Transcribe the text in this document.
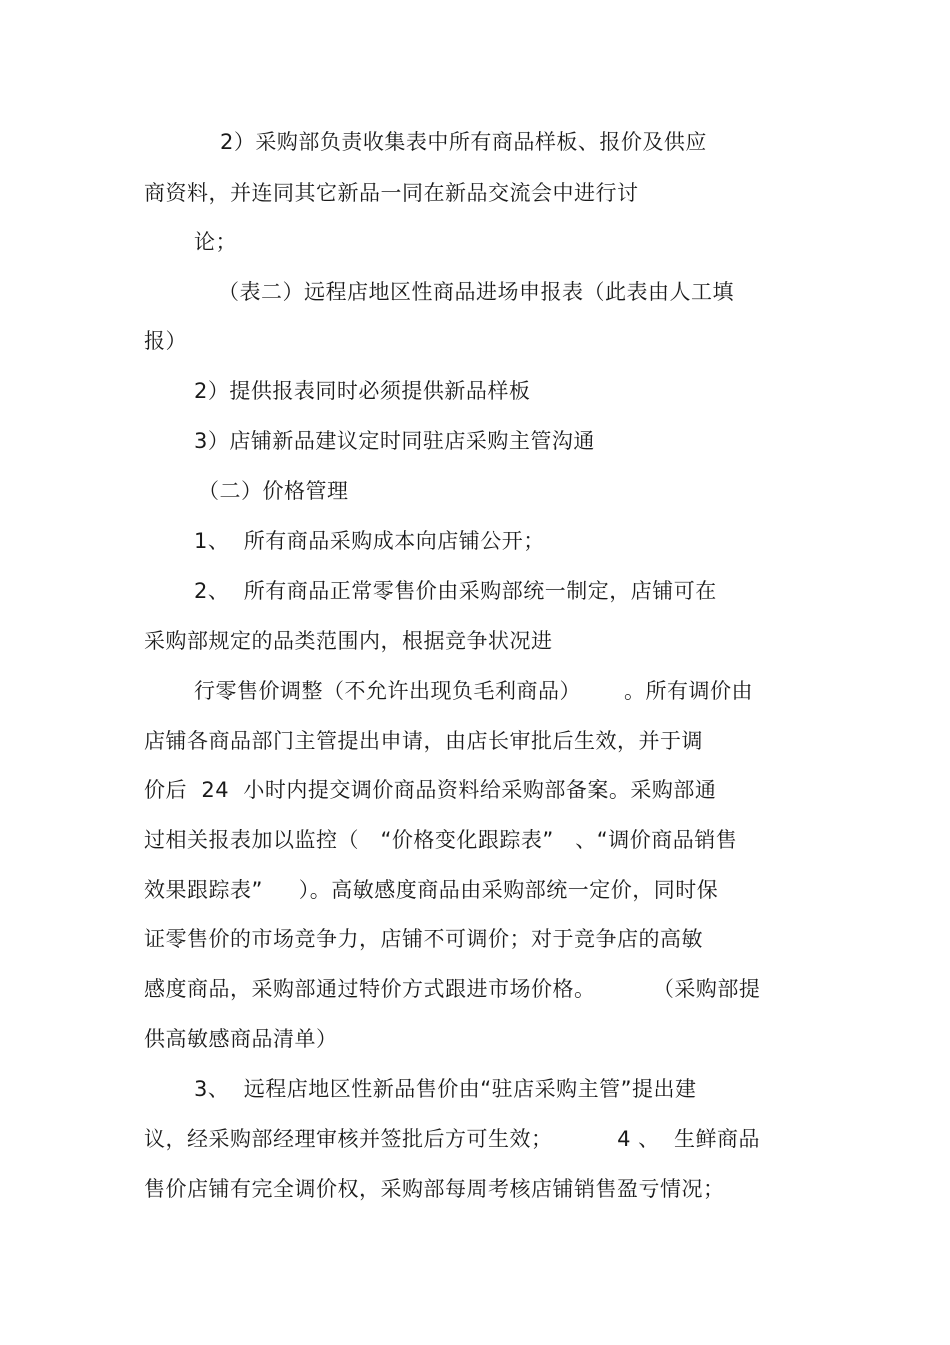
2）采购部负责收集表中所有商品样板、报价及供应
商资料，并连同其它新品一同在新品交流会中进行讨
论；
（表二）远程店地区性商品进场申报表（此表由人工填
报）
2）提供报表同时必须提供新品样板
3）店铺新品建议定时同驻店采购主管沟通
（二）价格管理
1、  所有商品采购成本向店铺公开；
2、  所有商品正常零售价由采购部统一制定，店铺可在
采购部规定的品类范围内，根据竞争状况进
行零售价调整（不允许出现负毛利商品）      。所有调价由
店铺各商品部门主管提出申请，由店长审批后生效，并于调
价后  24  小时内提交调价商品资料给采购部备案。采购部通
过相关报表加以监控（   “价格变化跟踪表”   、“调价商品销售
效果跟踪表”     ）。高敏感度商品由采购部统一定价，同时保
证零售价的市场竞争力，店铺不可调价；对于竞争店的高敏
感度商品，采购部通过特价方式跟进市场价格。        （采购部提
供高敏感商品清单）
3、  远程店地区性新品售价由“驻店采购主管”提出建
议，经采购部经理审核并签批后方可生效；         4 、  生鲜商品
售价店铺有完全调价权，采购部每周考核店铺销售盈亏情况；
